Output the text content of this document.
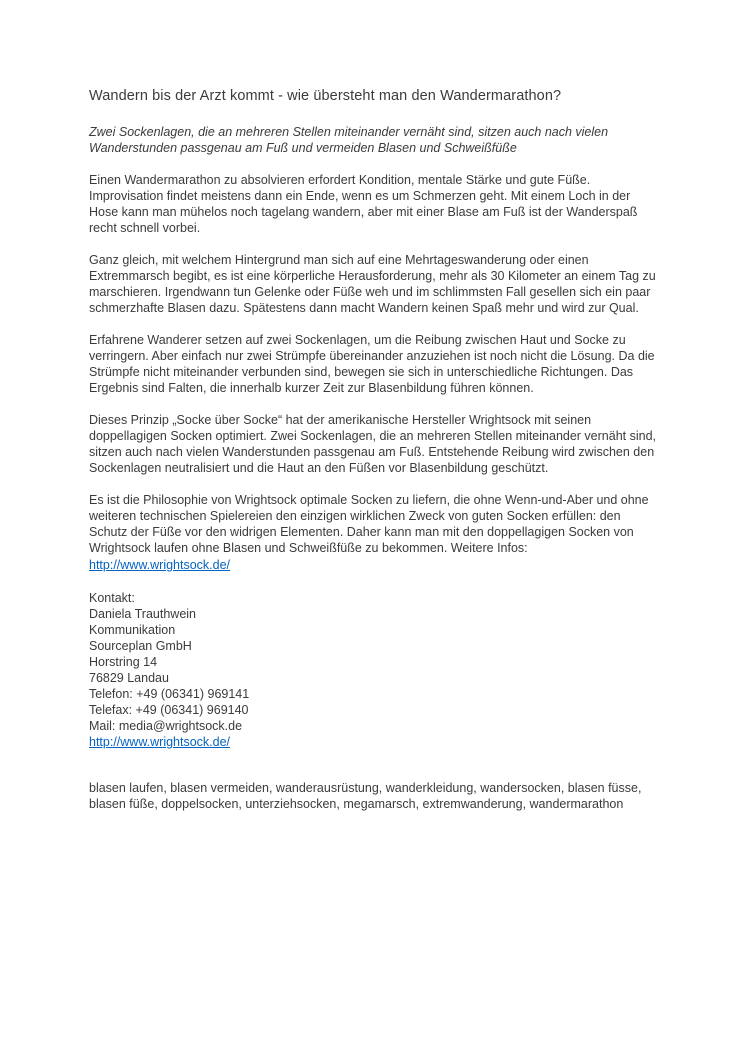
Wandern bis der Arzt kommt - wie übersteht man den Wandermarathon?

Zwei Sockenlagen, die an mehreren Stellen miteinander vernäht sind, sitzen auch nach vielen Wanderstunden passgenau am Fuß und vermeiden Blasen und Schweißfüße

Einen Wandermarathon zu absolvieren erfordert Kondition, mentale Stärke und gute Füße. Improvisation findet meistens dann ein Ende, wenn es um Schmerzen geht. Mit einem Loch in der Hose kann man mühelos noch tagelang wandern, aber mit einer Blase am Fuß ist der Wanderspaß recht schnell vorbei.

Ganz gleich, mit welchem Hintergrund man sich auf eine Mehrtageswanderung oder einen Extremmarsch begibt, es ist eine körperliche Herausforderung, mehr als 30 Kilometer an einem Tag zu marschieren. Irgendwann tun Gelenke oder Füße weh und im schlimmsten Fall gesellen sich ein paar schmerzhafte Blasen dazu. Spätestens dann macht Wandern keinen Spaß mehr und wird zur Qual.

Erfahrene Wanderer setzen auf zwei Sockenlagen, um die Reibung zwischen Haut und Socke zu verringern. Aber einfach nur zwei Strümpfe übereinander anzuziehen ist noch nicht die Lösung. Da die Strümpfe nicht miteinander verbunden sind, bewegen sie sich in unterschiedliche Richtungen. Das Ergebnis sind Falten, die innerhalb kurzer Zeit zur Blasenbildung führen können.

Dieses Prinzip „Socke über Socke“ hat der amerikanische Hersteller Wrightsock mit seinen doppellagigen Socken optimiert. Zwei Sockenlagen, die an mehreren Stellen miteinander vernäht sind, sitzen auch nach vielen Wanderstunden passgenau am Fuß. Entstehende Reibung wird zwischen den Sockenlagen neutralisiert und die Haut an den Füßen vor Blasenbildung geschützt.

Es ist die Philosophie von Wrightsock optimale Socken zu liefern, die ohne Wenn-und-Aber und ohne weiteren technischen Spielereien den einzigen wirklichen Zweck von guten Socken erfüllen: den Schutz der Füße vor den widrigen Elementen. Daher kann man mit den doppellagigen Socken von Wrightsock laufen ohne Blasen und Schweißfüße zu bekommen. Weitere Infos:

http://www.wrightsock.de/
Kontakt:
Daniela Trauthwein
Kommunikation
Sourceplan GmbH
Horstring 14
76829 Landau
Telefon: +49 (06341) 969141
Telefax: +49 (06341) 969140
Mail: media@wrightsock.de
http://www.wrightsock.de/

blasen laufen, blasen vermeiden, wanderausrüstung, wanderkleidung, wandersocken, blasen füsse, blasen füße, doppelsocken, unterziehsocken, megamarsch, extremwanderung, wandermarathon
